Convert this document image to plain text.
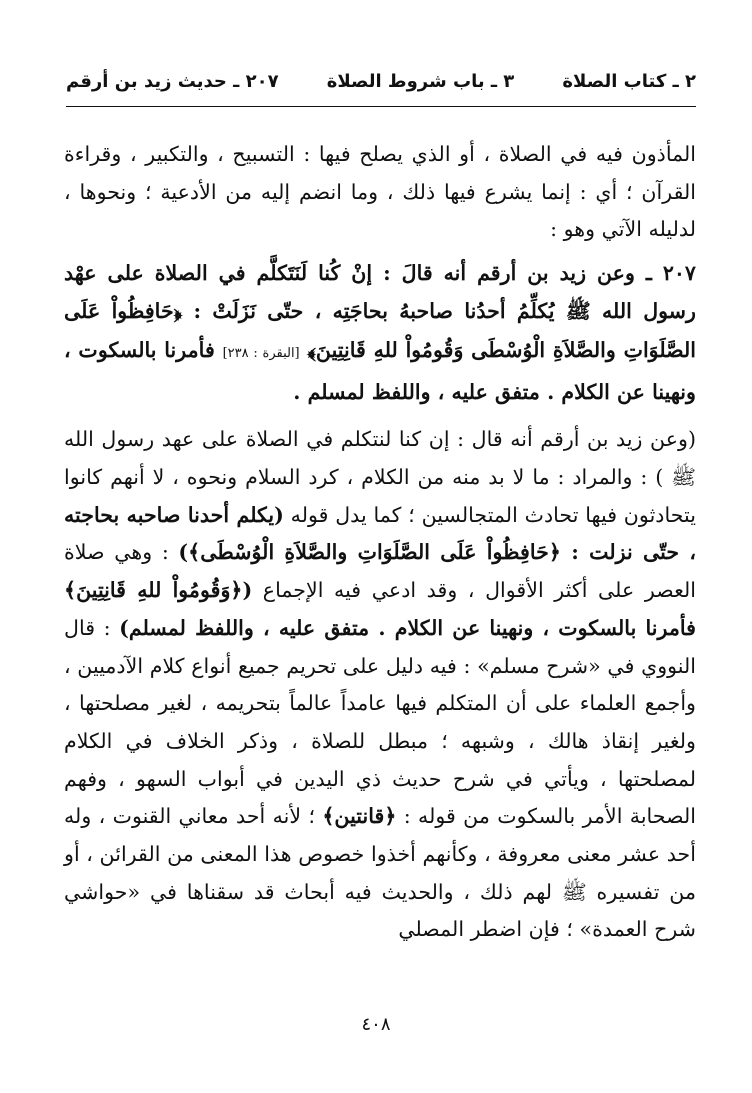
٢ ـ كتاب الصلاة
٣ ـ باب شروط الصلاة
٢٠٧ ـ حديث زيد بن أرقم

المأذون فيه في الصلاة ، أو الذي يصلح فيها : التسبيح ، والتكبير ، وقراءة القرآن ؛ أي : إنما يشرع فيها ذلك ، وما انضم إليه من الأدعية ؛ ونحوها ، لدليله الآتي وهو :

٢٠٧ ـ وعن زيد بن أرقم أنه قالَ : إنْ كُنا لَنَتَكلَّم في الصلاة على عهْد رسول الله ﷺ يُكلِّمُ أحدُنا صاحبهُ بحاجَتِه ، حتّى نَزَلَتْ : ﴿حَافِظُواْ عَلَى الصَّلَوَاتِ والصَّلاَةِ الْوُسْطَى وَقُومُواْ للهِ قَانِتِينَ﴾ [البقرة : ٢٣٨] فأمرنا بالسكوت ، ونهينا عن الكلام . متفق عليه ، واللفظ لمسلم .

(وعن زيد بن أرقم أنه قال : إن كنا لنتكلم في الصلاة على عهد رسول الله ﷺ ) : والمراد : ما لا بد منه من الكلام ، كرد السلام ونحوه ، لا أنهم كانوا يتحادثون فيها تحادث المتجالسين ؛ كما يدل قوله (يكلم أحدنا صاحبه بحاجته ، حتّى نزلت : ﴿حَافِظُواْ عَلَى الصَّلَوَاتِ والصَّلاَةِ الْوُسْطَى﴾) : وهي صلاة العصر على أكثر الأقوال ، وقد ادعي فيه الإجماع (﴿وَقُومُواْ للهِ قَانِتِينَ﴾ فأمرنا بالسكوت ، ونهينا عن الكلام . متفق عليه ، واللفظ لمسلم) : قال النووي في «شرح مسلم» : فيه دليل على تحريم جميع أنواع كلام الآدميين ، وأجمع العلماء على أن المتكلم فيها عامداً عالماً بتحريمه ، لغير مصلحتها ، ولغير إنقاذ هالك ، وشبهه ؛ مبطل للصلاة ، وذكر الخلاف في الكلام لمصلحتها ، ويأتي في شرح حديث ذي اليدين في أبواب السهو ، وفهم الصحابة الأمر بالسكوت من قوله : ﴿قانتين﴾ ؛ لأنه أحد معاني القنوت ، وله أحد عشر معنى معروفة ، وكأنهم أخذوا خصوص هذا المعنى من القرائن ، أو من تفسيره ﷺ لهم ذلك ، والحديث فيه أبحاث قد سقناها في «حواشي شرح العمدة» ؛ فإن اضطر المصلي

٤٠٨
